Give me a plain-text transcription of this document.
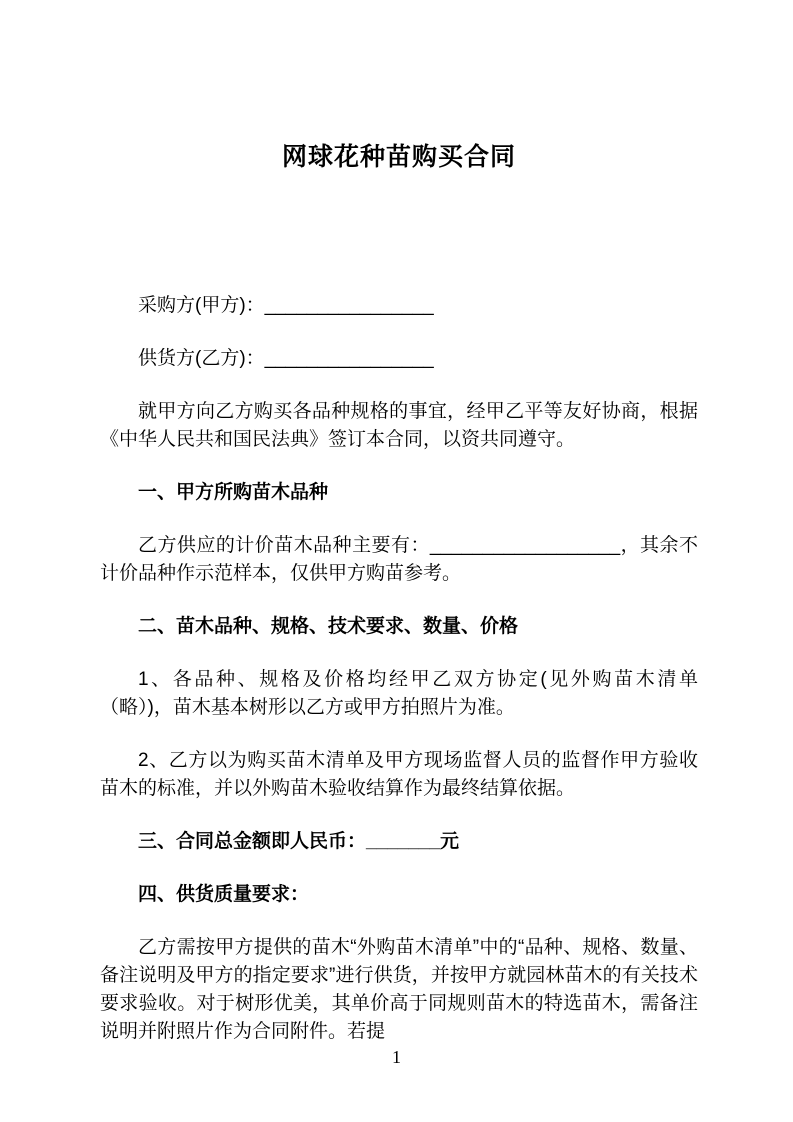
网球花种苗购买合同

采购方(甲方)：________________

供货方(乙方)：________________

就甲方向乙方购买各品种规格的事宜，经甲乙平等友好协商，根据《中华人民共和国民法典》签订本合同，以资共同遵守。

一、甲方所购苗木品种

乙方供应的计价苗木品种主要有：__________________，其余不计价品种作示范样本，仅供甲方购苗参考。

二、苗木品种、规格、技术要求、数量、价格

1、各品种、规格及价格均经甲乙双方协定(见外购苗木清单（略）)，苗木基本树形以乙方或甲方拍照片为准。

2、乙方以为购买苗木清单及甲方现场监督人员的监督作甲方验收苗木的标准，并以外购苗木验收结算作为最终结算依据。

三、合同总金额即人民币：_______元

四、供货质量要求：

乙方需按甲方提供的苗木“外购苗木清单”中的“品种、规格、数量、备注说明及甲方的指定要求”进行供货，并按甲方就园林苗木的有关技术要求验收。对于树形优美，其单价高于同规则苗木的特选苗木，需备注说明并附照片作为合同附件。若提

1
